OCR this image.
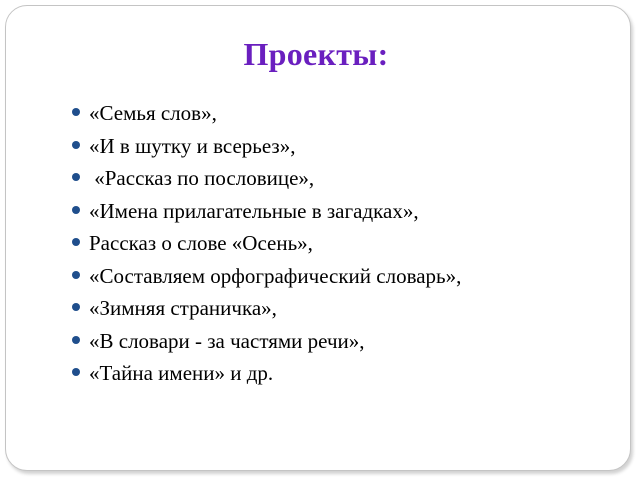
Проекты:
«Семья слов»,
«И в шутку и всерьез»,
«Рассказ по пословице»,
«Имена прилагательные в загадках»,
Рассказ о слове «Осень»,
«Составляем орфографический словарь»,
«Зимняя страничка»,
«В словари - за частями речи»,
«Тайна имени» и др.
